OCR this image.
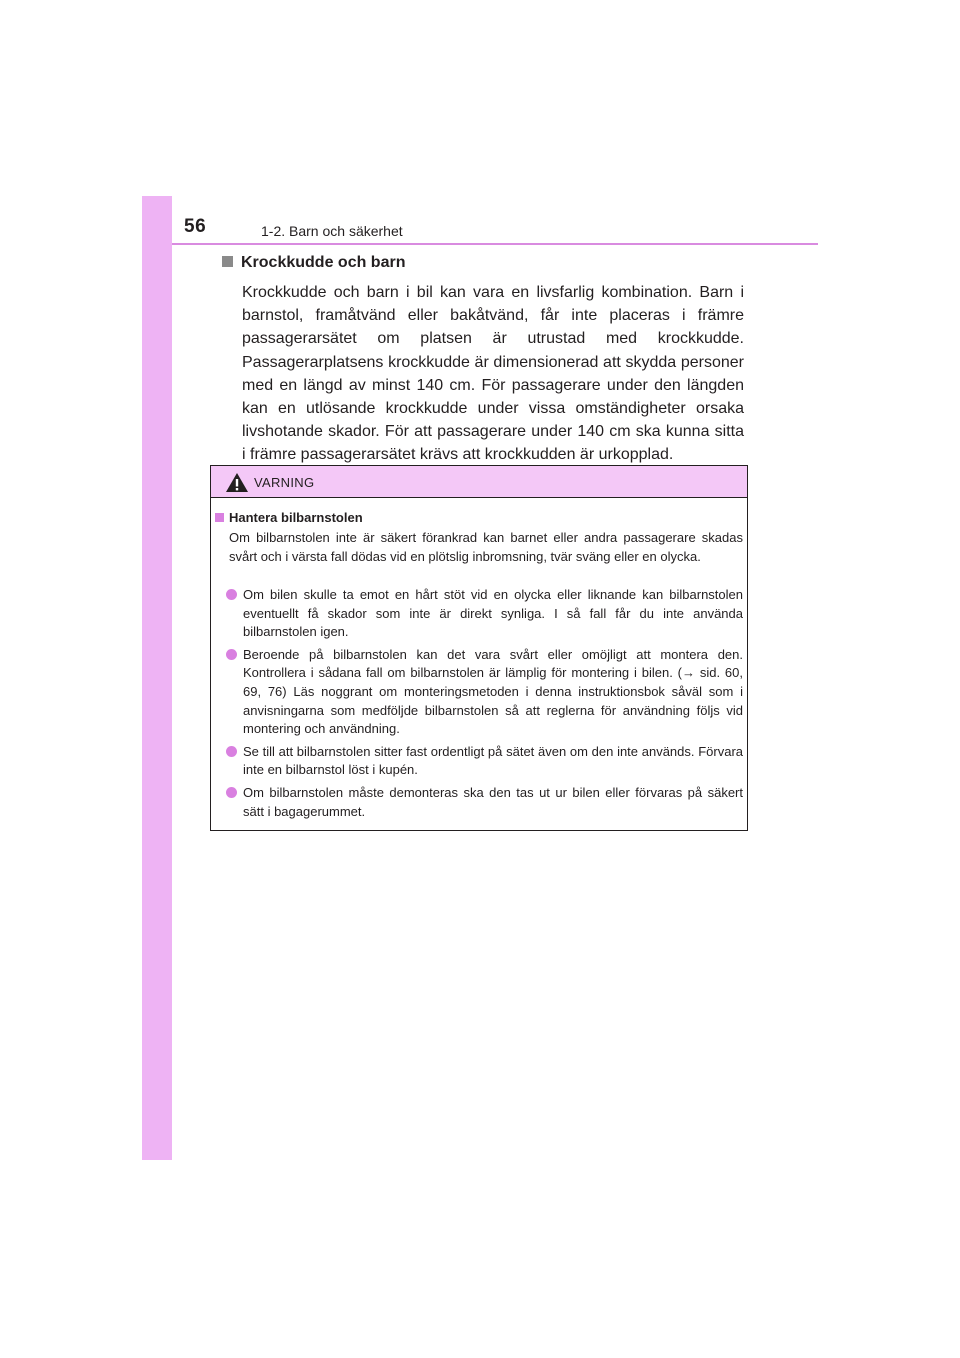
56	1-2. Barn och säkerhet
Krockkudde och barn

Krockkudde och barn i bil kan vara en livsfarlig kombination. Barn i barnstol, framåtvänd eller bakåtvänd, får inte placeras i främre passagerarsätet om platsen är utrustad med krockkudde. Passagerarplatsens krockkudde är dimensionerad att skydda personer med en längd av minst 140 cm. För passagerare under den längden kan en utlösande krockkudde under vissa omständigheter orsaka livshotande skador. För att passagerare under 140 cm ska kunna sitta i främre passagerarsätet krävs att krockkudden är urkopplad.

VARNING
Hantera bilbarnstolen

Om bilbarnstolen inte är säkert förankrad kan barnet eller andra passagerare skadas svårt och i värsta fall dödas vid en plötslig inbromsning, tvär sväng eller en olycka.

Om bilen skulle ta emot en hårt stöt vid en olycka eller liknande kan bilbarnstolen eventuellt få skador som inte är direkt synliga. I så fall får du inte använda bilbarnstolen igen.
Beroende på bilbarnstolen kan det vara svårt eller omöjligt att montera den. Kontrollera i sådana fall om bilbarnstolen är lämplig för montering i bilen. (→ sid. 60, 69, 76) Läs noggrant om monteringsmetoden i denna instruktionsbok såväl som i anvisningarna som medföljde bilbarnstolen så att reglerna för användning följs vid montering och användning.
Se till att bilbarnstolen sitter fast ordentligt på sätet även om den inte används. Förvara inte en bilbarnstol löst i kupén.
Om bilbarnstolen måste demonteras ska den tas ut ur bilen eller förvaras på säkert sätt i bagagerummet.
